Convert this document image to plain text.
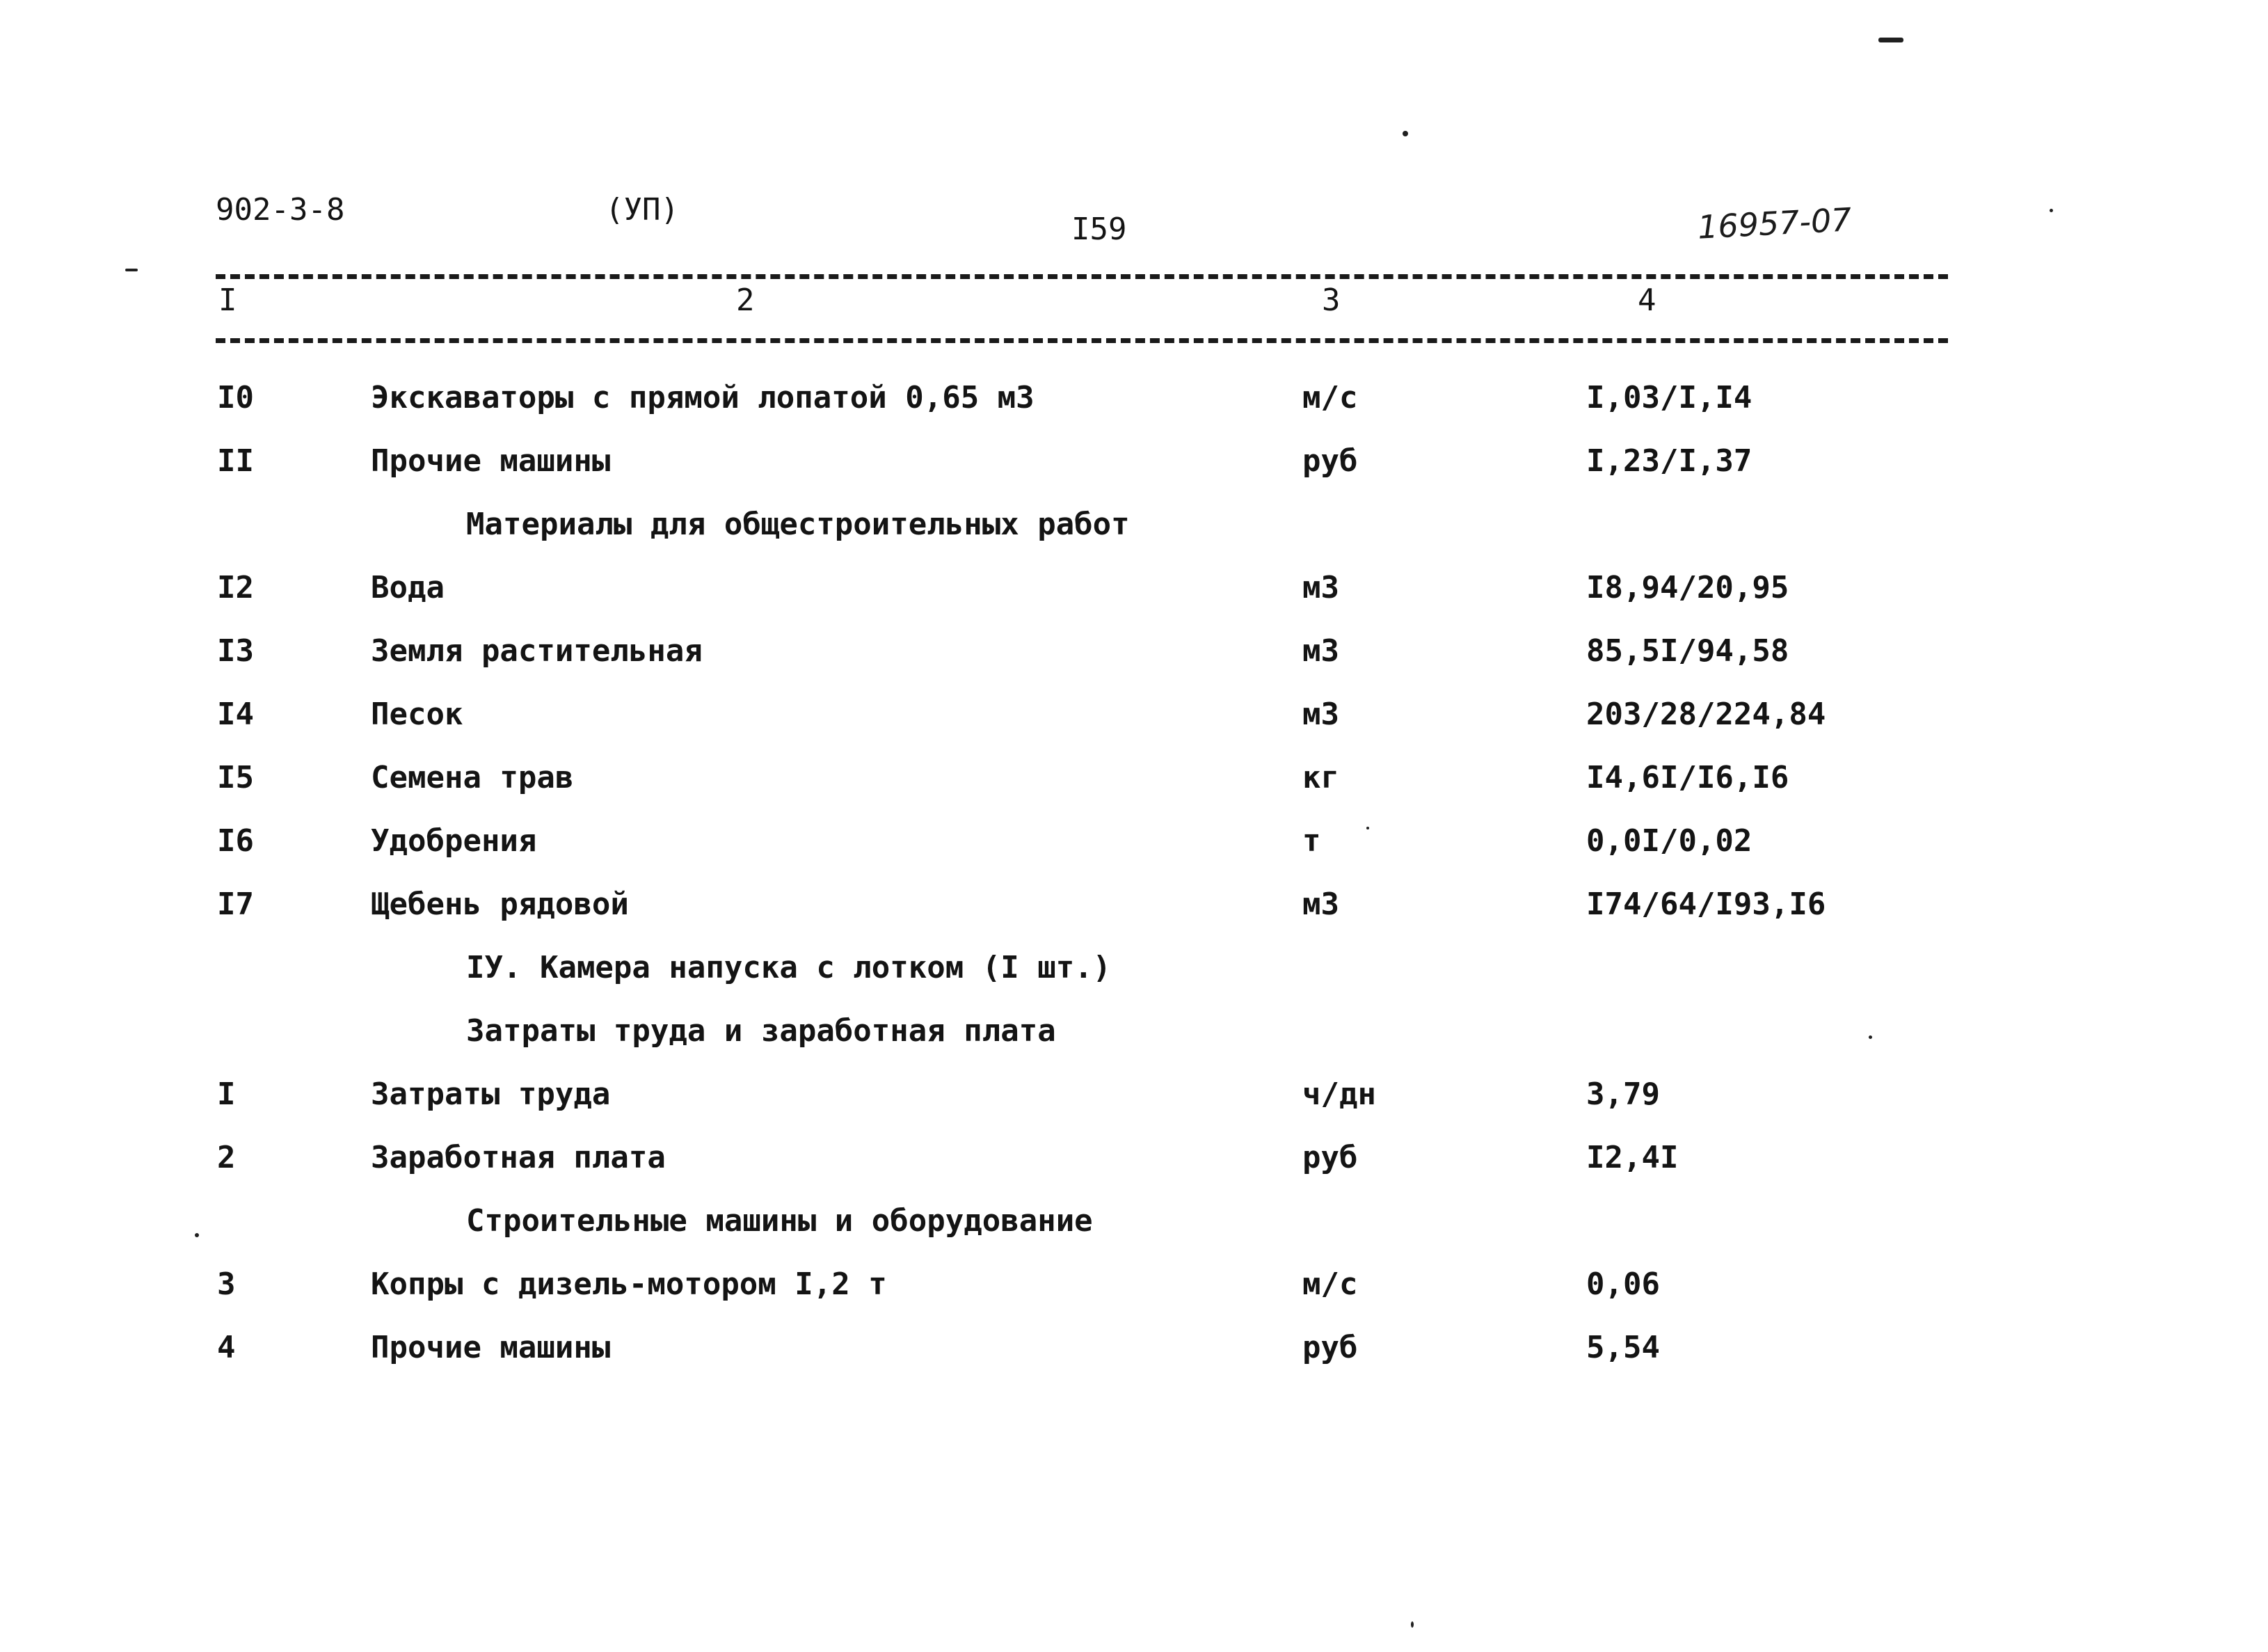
902-3-8	(УП)
I59	16957-07
I	2	3	4
I0	Экскаваторы с прямой лопатой 0,65 м3	м/с	I,03/I,I4
II	Прочие машины	руб	I,23/I,37
Материалы для общестроительных работ
I2	Вода	м3	I8,94/20,95
I3	Земля растительная	м3	85,5I/94,58
I4	Песок	м3	203/28/224,84
I5	Семена трав	кг	I4,6I/I6,I6
I6	Удобрения	т	0,0I/0,02
I7	Щебень рядовой	м3	I74/64/I93,I6
IУ. Камера напуска с лотком (I шт.)
Затраты труда и заработная плата
I	Затраты труда	ч/дн	3,79
2	Заработная плата	руб	I2,4I
Строительные машины и оборудование
3	Копры с дизель-мотором I,2 т	м/с	0,06
4	Прочие машины	руб	5,54
